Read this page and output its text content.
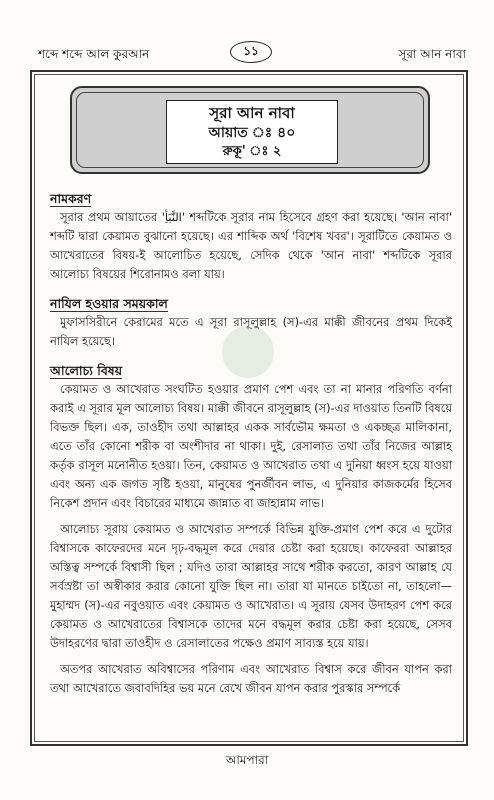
শব্দে শব্দে আল কুরআন	১১	সূরা আন নাবা
সূরা আন নাবা
আয়াত ঃ ৪০
রুকূ' ঃ ২
নামকরণ

সূরার প্রথম আয়াতের 'النَّبَأِ' শব্দটিকে সূরার নাম হিসেবে গ্রহণ করা হয়েছে। 'আন নাবা' শব্দটি দ্বারা কেয়ামত বুঝানো হয়েছে। এর শাব্দিক অর্থ 'বিশেষ খবর'। সূরাটিতে কেয়ামত ও আখেরাতের বিষয়-ই আলোচিত হয়েছে, সেদিক থেকে 'আন নাবা' শব্দটিকে সূরার আলোচ্য বিষয়ের শিরোনামও বলা যায়।

নাযিল হওয়ার সময়কাল

মুফাসসিরীনে কেরামের মতে এ সূরা রাসূলুল্লাহ (স)-এর মাক্কী জীবনের প্রথম দিকেই নাযিল হয়েছে।

আলোচ্য বিষয়

কেয়ামত ও আখেরাত সংঘটিত হওয়ার প্রমাণ পেশ এবং তা না মানার পরিণতি বর্ণনা করাই এ সূরার মূল আলোচ্য বিষয়। মাক্কী জীবনে রাসূলুল্লাহ (স)-এর দাওয়াত তিনটি বিষয়ে বিভক্ত ছিল। এক, তাওহীদ তথা আল্লাহর একক সার্বভৌম ক্ষমতা ও একচ্ছত্র মালিকানা, এতে তাঁর কোনো শরীক বা অংশীদার না থাকা। দুই, রেসালাত তথা তাঁর নিজের আল্লাহ কর্তৃক রাসূল মনোনীত হওয়া। তিন, কেয়ামত ও আখেরাত তথা এ দুনিয়া ধ্বংস হয়ে যাওয়া এবং অন্য এক জগত সৃষ্টি হওয়া, মানুষের পুনর্জীবন লাভ, এ দুনিয়ার কাজকর্মের হিসেব নিকেশ প্রদান এবং বিচারের মাধ্যমে জান্নাত বা জাহান্নাম লাভ।

আলোচ্য সূরায় কেয়ামত ও আখেরাত সম্পর্কে বিভিন্ন যুক্তি-প্রমাণ পেশ করে এ দুটোর বিশ্বাসকে কাফেরদের মনে দৃঢ়-বদ্ধমূল করে দেয়ার চেষ্টা করা হয়েছে। কাফেররা আল্লাহর অস্তিত্ব সম্পর্কে বিশ্বাসী ছিল ; যদিও তারা আল্লাহর সাথে শরীক করতো, কারণ আল্লাহ যে সর্বস্রষ্টা তা অস্বীকার করার কোনো যুক্তি ছিল না। তারা যা মানতে চাইতো না, তাহলো—মুহাম্মদ (স)-এর নবুওয়াত এবং কেয়ামত ও আখেরাত। এ সূরায় যেসব উদাহরণ পেশ করে কেয়ামত ও আখেরাতের বিশ্বাসকে তাদের মনে বদ্ধমূল করার চেষ্টা করা হয়েছে, সেসব উদাহরণের দ্বারা তাওহীদ ও রেসালাতের পক্ষেও প্রমাণ সাব্যস্ত হয়ে যায়।

অতপর আখেরাত অবিশ্বাসের পরিণাম এবং আখেরাত বিশ্বাস করে জীবন যাপন করা তথা আখেরাতে জবাবদিহির ভয় মনে রেখে জীবন যাপন করার পুরস্কার সম্পর্কে

আমপারা
